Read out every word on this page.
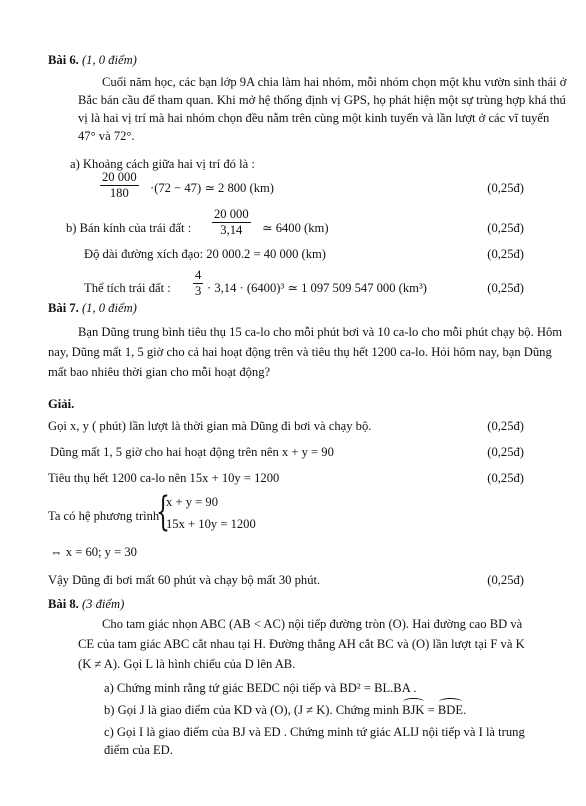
Bài 6. (1, 0 điểm)
Cuối năm học, các bạn lớp 9A chia làm hai nhóm, mỗi nhóm chọn một khu vườn sinh thái ở
Bắc bán cầu để tham quan. Khi mở hệ thống định vị GPS, họ phát hiện một sự trùng hợp khá thú
vị là hai vị trí mà hai nhóm chọn đều nằm trên cùng một kinh tuyến và lần lượt ở các vĩ tuyến
47° và 72°.
a) Khoảng cách giữa hai vị trí đó là :
$\frac{20 000}{180} \cdot(72 - 47)$ ≃ 2 800 (km)	(0,25đ)
b) Bán kính của trái đất : $\frac{20 000}{3,14}$ ≃ 6400 (km)	(0,25đ)
Độ dài đường xích đạo: 20 000.2 = 40 000 (km)	(0,25đ)
Thể tích trái đất : $\frac{4}{3} \cdot 3,14 \cdot (6400)^3$ ≃ 1 097 509 547 000 (km³)	(0,25đ)
Bài 7. (1, 0 điểm)
Bạn Dũng trung bình tiêu thụ 15 ca-lo cho mỗi phút bơi và 10 ca-lo cho mỗi phút chạy bộ. Hôm
nay, Dũng mất 1, 5 giờ cho cả hai hoạt động trên và tiêu thụ hết 1200 ca-lo. Hỏi hôm nay, bạn Dũng
mất bao nhiêu thời gian cho mỗi hoạt động?
Giải.
Gọi x, y ( phút) lần lượt là thời gian mà Dũng đi bơi và chạy bộ.	(0,25đ)
Dũng mất 1, 5 giờ cho hai hoạt động trên nên x + y = 90	(0,25đ)
Tiêu thụ hết 1200 ca-lo nên 15x + 10y = 1200	(0,25đ)
Ta có hệ phương trình
{
x + y = 90
15x + 10y = 1200
⇔ x = 60; y = 30
Vậy Dũng đi bơi mất 60 phút và chạy bộ mất 30 phút.	(0,25đ)
Bài 8. (3 điểm)
Cho tam giác nhọn ABC (AB < AC) nội tiếp đường tròn (O). Hai đường cao BD và
CE của tam giác ABC cắt nhau tại H. Đường thẳng AH cắt BC và (O) lần lượt tại F và K
(K ≠ A). Gọi L là hình chiếu của D lên AB.
a) Chứng minh rằng tứ giác BEDC nội tiếp và BD² = BL.BA .
b) Gọi J là giao điểm của KD và (O), (J ≠ K). Chứng minh BJK = BDE.
c) Gọi I là giao điểm của BJ và ED . Chứng minh tứ giác ALIJ nội tiếp và I là trung
điểm của ED.
